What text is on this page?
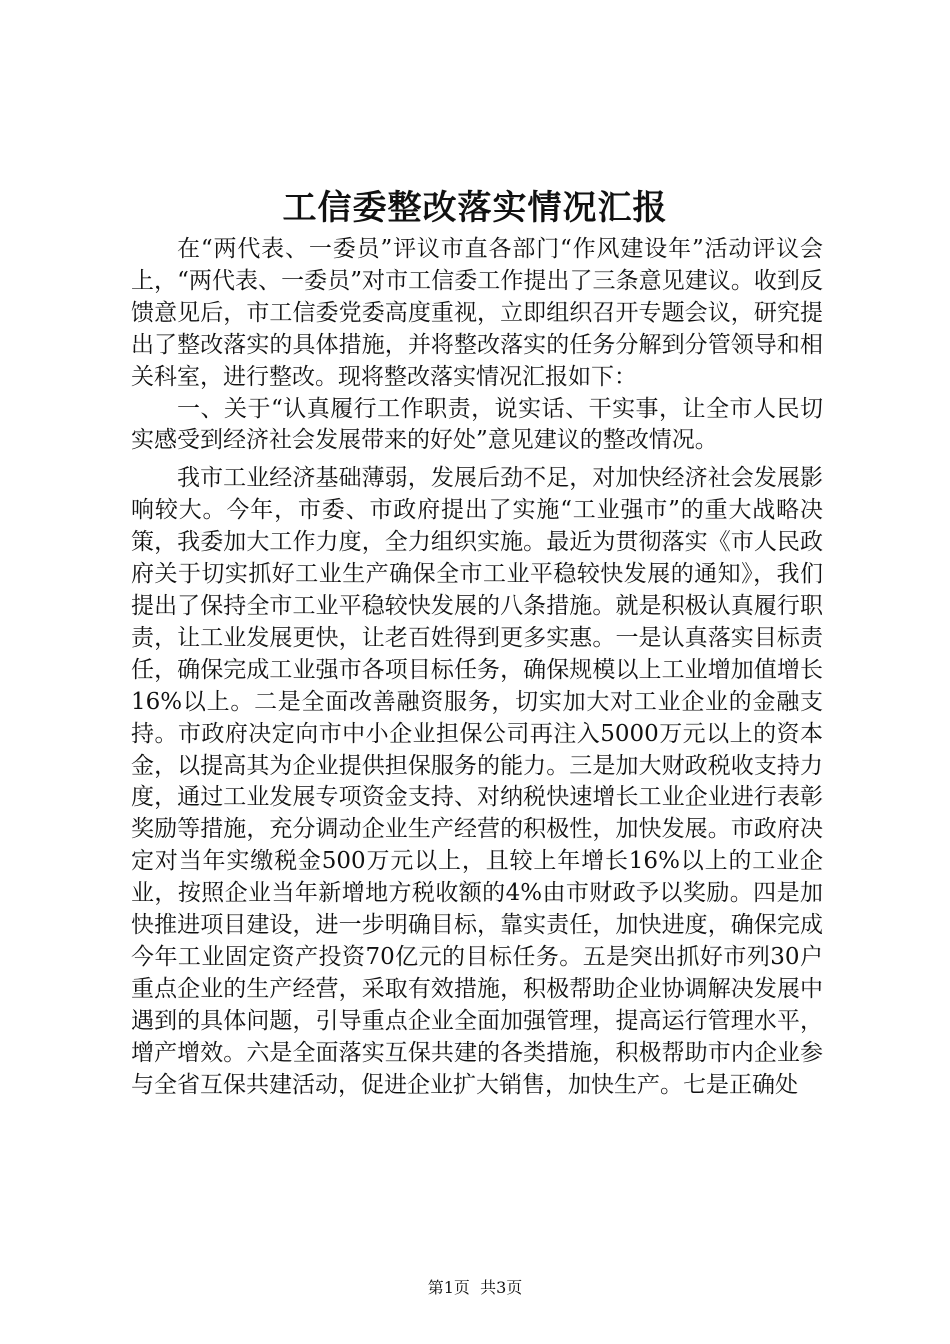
工信委整改落实情况汇报

在“两代表、一委员”评议市直各部门“作风建设年”活动评议会上，“两代表、一委员”对市工信委工作提出了三条意见建议。收到反馈意见后，市工信委党委高度重视，立即组织召开专题会议，研究提出了整改落实的具体措施，并将整改落实的任务分解到分管领导和相关科室，进行整改。现将整改落实情况汇报如下：

一、关于“认真履行工作职责，说实话、干实事，让全市人民切实感受到经济社会发展带来的好处”意见建议的整改情况。

我市工业经济基础薄弱，发展后劲不足，对加快经济社会发展影响较大。今年，市委、市政府提出了实施“工业强市”的重大战略决策，我委加大工作力度，全力组织实施。最近为贯彻落实《市人民政府关于切实抓好工业生产确保全市工业平稳较快发展的通知》，我们提出了保持全市工业平稳较快发展的八条措施。就是积极认真履行职责，让工业发展更快，让老百姓得到更多实惠。一是认真落实目标责任，确保完成工业强市各项目标任务，确保规模以上工业增加值增长16%以上。二是全面改善融资服务，切实加大对工业企业的金融支持。市政府决定向市中小企业担保公司再注入5000万元以上的资本金，以提高其为企业提供担保服务的能力。三是加大财政税收支持力度，通过工业发展专项资金支持、对纳税快速增长工业企业进行表彰奖励等措施，充分调动企业生产经营的积极性，加快发展。市政府决定对当年实缴税金500万元以上，且较上年增长16%以上的工业企业，按照企业当年新增地方税收额的4%由市财政予以奖励。四是加快推进项目建设，进一步明确目标，靠实责任，加快进度，确保完成今年工业固定资产投资70亿元的目标任务。五是突出抓好市列30户重点企业的生产经营，采取有效措施，积极帮助企业协调解决发展中遇到的具体问题，引导重点企业全面加强管理，提高运行管理水平，增产增效。六是全面落实互保共建的各类措施，积极帮助市内企业参与全省互保共建活动，促进企业扩大销售，加快生产。七是正确处

第1页 共3页
